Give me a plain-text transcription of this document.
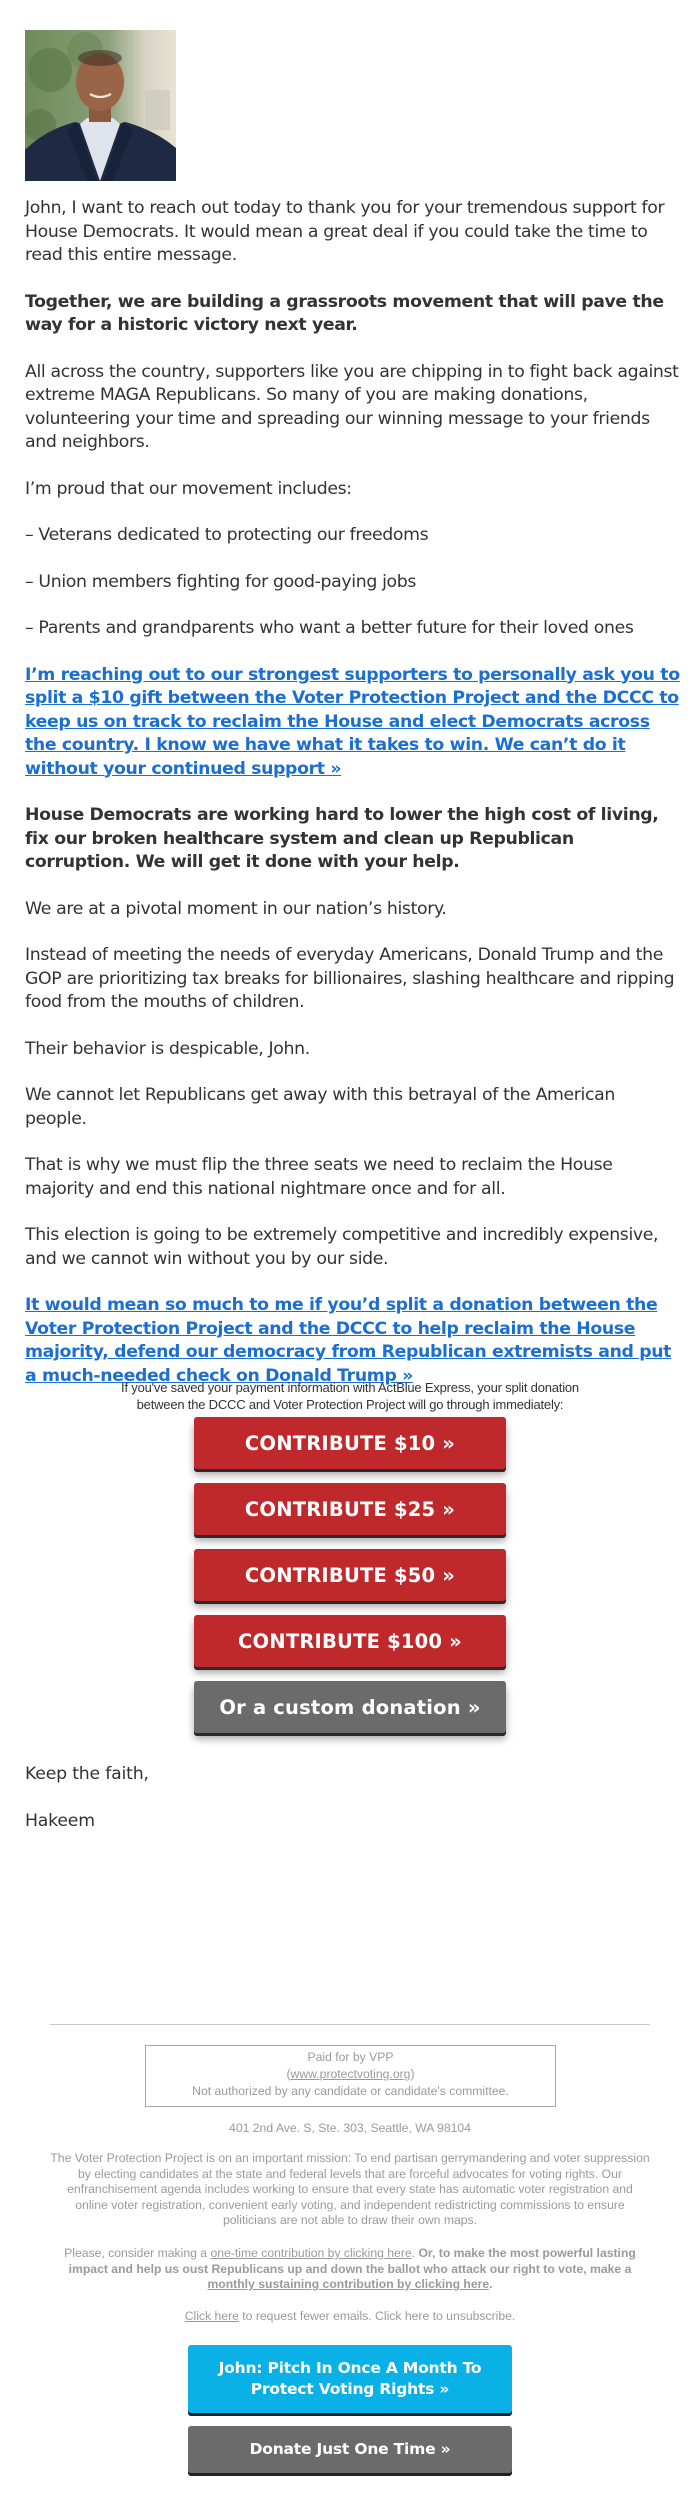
John, I want to reach out today to thank you for your tremendous support for House Democrats. It would mean a great deal if you could take the time to read this entire message.

Together, we are building a grassroots movement that will pave the way for a historic victory next year.

All across the country, supporters like you are chipping in to fight back against extreme MAGA Republicans. So many of you are making donations, volunteering your time and spreading our winning message to your friends and neighbors.

I’m proud that our movement includes:

– Veterans dedicated to protecting our freedoms

– Union members fighting for good-paying jobs

– Parents and grandparents who want a better future for their loved ones

I’m reaching out to our strongest supporters to personally ask you to split a $10 gift between the Voter Protection Project and the DCCC to keep us on track to reclaim the House and elect Democrats across the country. I know we have what it takes to win. We can’t do it without your continued support »

House Democrats are working hard to lower the high cost of living, fix our broken healthcare system and clean up Republican corruption. We will get it done with your help.

We are at a pivotal moment in our nation’s history.

Instead of meeting the needs of everyday Americans, Donald Trump and the GOP are prioritizing tax breaks for billionaires, slashing healthcare and ripping food from the mouths of children.

Their behavior is despicable, John.

We cannot let Republicans get away with this betrayal of the American people.

That is why we must flip the three seats we need to reclaim the House majority and end this national nightmare once and for all.

This election is going to be extremely competitive and incredibly expensive, and we cannot win without you by our side.

It would mean so much to me if you’d split a donation between the Voter Protection Project and the DCCC to help reclaim the House majority, defend our democracy from Republican extremists and put a much-needed check on Donald Trump »
If you've saved your payment information with ActBlue Express, your split donation
between the DCCC and Voter Protection Project will go through immediately:
CONTRIBUTE $10 »
CONTRIBUTE $25 »
CONTRIBUTE $50 »
CONTRIBUTE $100 »
Or a custom donation »
Keep the faith,
Hakeem
Paid for by VPP
(www.protectvoting.org)
Not authorized by any candidate or candidate's committee.
401 2nd Ave. S, Ste. 303, Seattle, WA 98104
The Voter Protection Project is on an important mission: To end partisan gerrymandering and voter suppression by electing candidates at the state and federal levels that are forceful advocates for voting rights. Our enfranchisement agenda includes working to ensure that every state has automatic voter registration and online voter registration, convenient early voting, and independent redistricting commissions to ensure politicians are not able to draw their own maps.
Please, consider making a one-time contribution by clicking here. Or, to make the most powerful lasting impact and help us oust Republicans up and down the ballot who attack our right to vote, make a monthly sustaining contribution by clicking here.
Click here to request fewer emails. Click here to unsubscribe.
John: Pitch In Once A Month To Protect Voting Rights »
Donate Just One Time »
